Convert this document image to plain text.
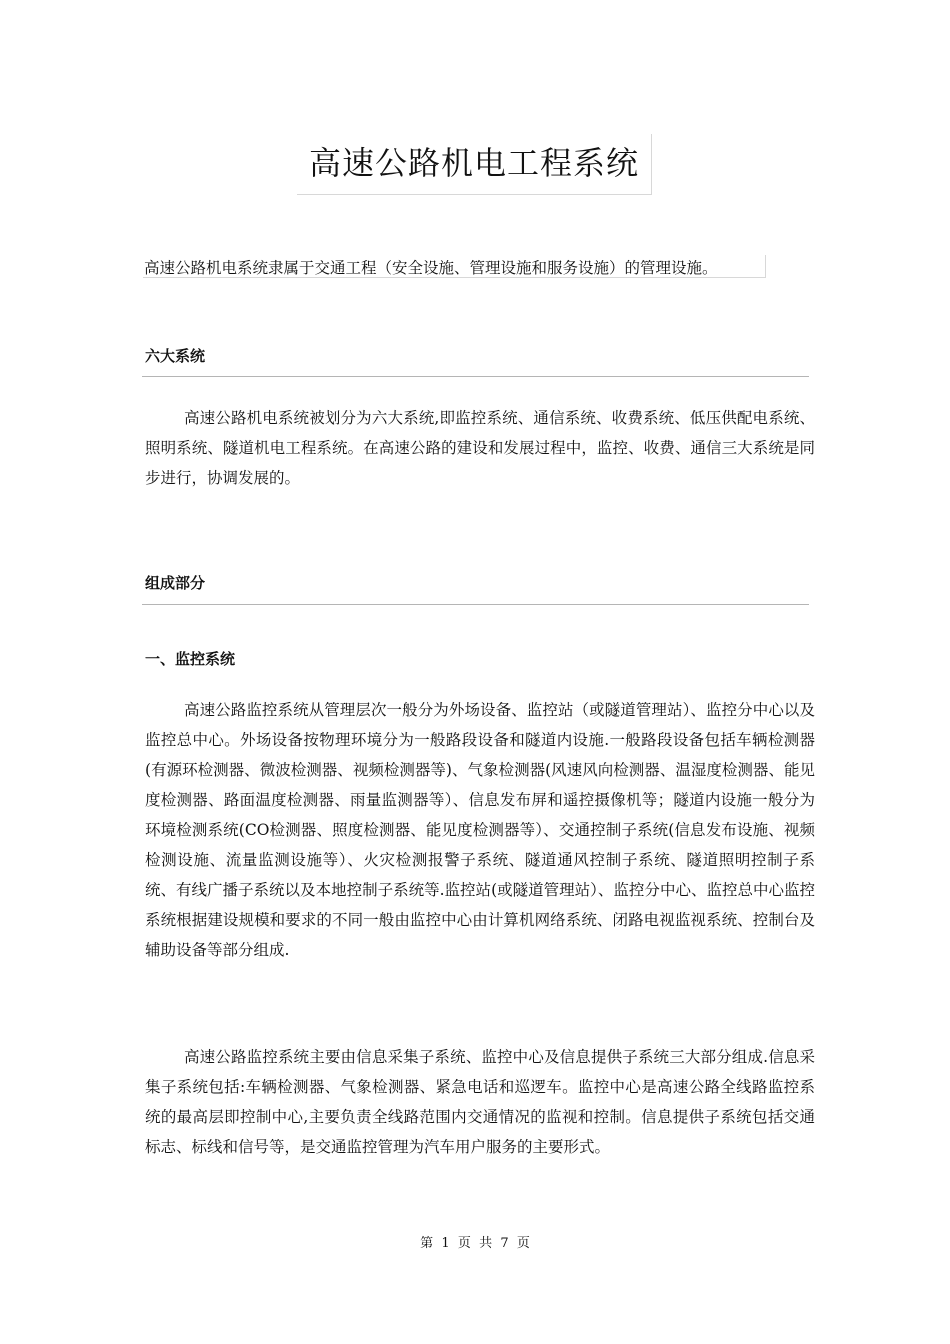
高速公路机电工程系统
高速公路机电系统隶属于交通工程（安全设施、管理设施和服务设施）的管理设施。
六大系统

高速公路机电系统被划分为六大系统,即监控系统、通信系统、收费系统、低压供配电系统、照明系统、隧道机电工程系统。在高速公路的建设和发展过程中，监控、收费、通信三大系统是同步进行，协调发展的。

组成部分
一、监控系统

高速公路监控系统从管理层次一般分为外场设备、监控站（或隧道管理站）、监控分中心以及监控总中心。外场设备按物理环境分为一般路段设备和隧道内设施.一般路段设备包括车辆检测器(有源环检测器、微波检测器、视频检测器等)、气象检测器(风速风向检测器、温湿度检测器、能见度检测器、路面温度检测器、雨量监测器等）、信息发布屏和遥控摄像机等；隧道内设施一般分为环境检测系统(CO检测器、照度检测器、能见度检测器等）、交通控制子系统(信息发布设施、视频检测设施、流量监测设施等）、火灾检测报警子系统、隧道通风控制子系统、隧道照明控制子系统、有线广播子系统以及本地控制子系统等.监控站(或隧道管理站）、监控分中心、监控总中心监控系统根据建设规模和要求的不同一般由监控中心由计算机网络系统、闭路电视监视系统、控制台及辅助设备等部分组成.

高速公路监控系统主要由信息采集子系统、监控中心及信息提供子系统三大部分组成.信息采集子系统包括:车辆检测器、气象检测器、紧急电话和巡逻车。监控中心是高速公路全线路监控系统的最高层即控制中心,主要负责全线路范围内交通情况的监视和控制。信息提供子系统包括交通标志、标线和信号等，是交通监控管理为汽车用户服务的主要形式。

第  1  页  共  7  页
